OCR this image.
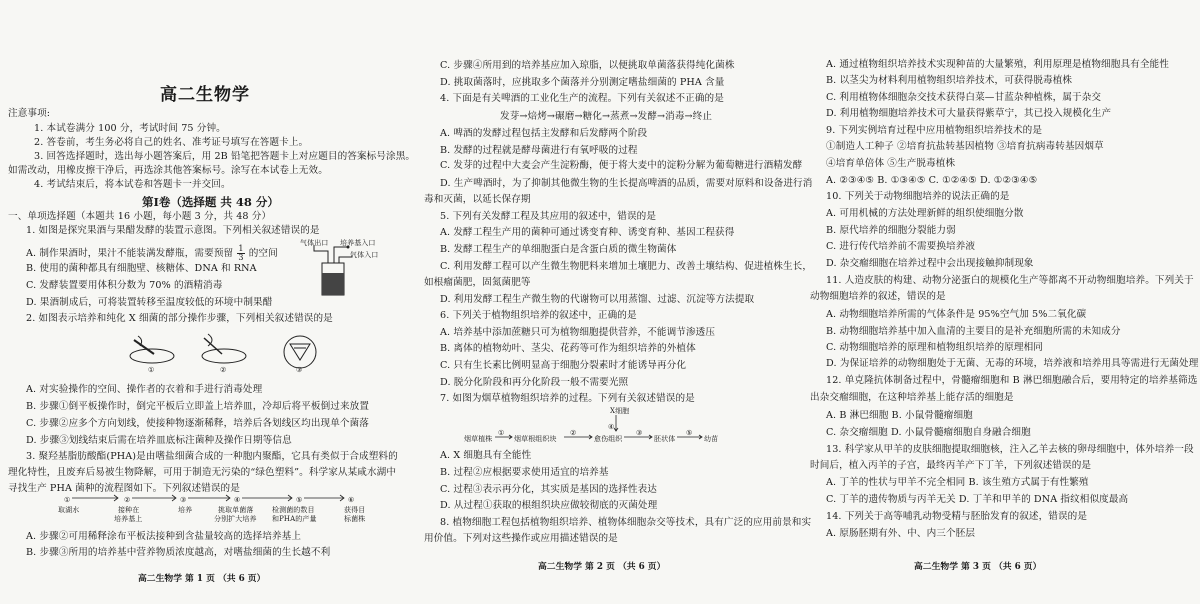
高二生物学
注意事项:
1. 本试卷满分 100 分，考试时间 75 分钟。
2. 答卷前，考生务必将自己的姓名、准考证号填写在答题卡上。
3. 回答选择题时，选出每小题答案后，用 2B 铅笔把答题卡上对应题目的答案标号涂黑。
如需改动，用橡皮擦干净后，再选涂其他答案标号。涂写在本试卷上无效。
4. 考试结束后，将本试卷和答题卡一并交回。
第Ⅰ卷（选择题 共 48 分）
一、单项选择题（本题共 16 小题，每小题 3 分，共 48 分）
1. 如图是探究果酒与果醋发酵的装置示意图。下列相关叙述错误的是
A. 制作果酒时，果汁不能装满发酵瓶，需要预留 $\frac{1}{3}$ 的空间
气体出口 培养基入口
气体入口
B. 使用的菌种都具有细胞壁、核糖体、DNA 和 RNA
C. 发酵装置要用体积分数为 70% 的酒精消毒
D. 果酒制成后，可将装置转移至温度较低的环境中制果醋
2. 如图表示培养和纯化 X 细菌的部分操作步骤，下列相关叙述错误的是
①	②	③
A. 对实验操作的空间、操作者的衣着和手进行消毒处理
B. 步骤①倒平板操作时，倒完平板后立即盖上培养皿，冷却后将平板倒过来放置
C. 步骤②应多个方向划线，使接种物逐渐稀释，培养后各划线区均出现单个菌落
D. 步骤③划线结束后需在培养皿底标注菌种及操作日期等信息
3. 聚羟基脂肪酸酯(PHA)是由嗜盐细菌合成的一种胞内聚酯，它具有类似于合成塑料的
理化特性，且废弃后易被生物降解，可用于制造无污染的“绿色塑料”。科学家从某咸水湖中
寻找生产 PHA 菌种的流程图如下。下列叙述错误的是
①
取湖水
②
接种在
培养基上
③
培养
④
挑取单菌落
分别扩大培养
⑤
检测菌的数目
和PHA的产量
⑥
获得目
标菌株
A. 步骤②可用稀释涂布平板法接种到含盐量较高的选择培养基上
B. 步骤③所用的培养基中营养物质浓度越高，对嗜盐细菌的生长越不利
高二生物学 第 1 页 （共 6 页）
C. 步骤④所用到的培养基应加入琼脂，以便挑取单菌落获得纯化菌株
D. 挑取菌落时，应挑取多个菌落并分别测定嗜盐细菌的 PHA 含量
4. 下面是有关啤酒的工业化生产的流程。下列有关叙述不正确的是
发芽→焙烤→碾磨→糖化→蒸煮→发酵→消毒→终止
A. 啤酒的发酵过程包括主发酵和后发酵两个阶段
B. 发酵的过程就是酵母菌进行有氧呼吸的过程
C. 发芽的过程中大麦会产生淀粉酶，便于将大麦中的淀粉分解为葡萄糖进行酒精发酵
D. 生产啤酒时，为了抑制其他微生物的生长提高啤酒的品质，需要对原料和设备进行消
毒和灭菌，以延长保存期
5. 下列有关发酵工程及其应用的叙述中，错误的是
A. 发酵工程生产用的菌种可通过诱变育种、诱变育种、基因工程获得
B. 发酵工程生产的单细胞蛋白是含蛋白质的微生物菌体
C. 利用发酵工程可以产生微生物肥料来增加土壤肥力、改善土壤结构、促进植株生长，
如根瘤菌肥，固氮菌肥等
D. 利用发酵工程生产微生物的代谢物可以用蒸馏、过滤、沉淀等方法提取
6. 下列关于植物组织培养的叙述中，正确的是
A. 培养基中添加蔗糖只可为植物细胞提供营养，不能调节渗透压
B. 离体的植物幼叶、茎尖、花药等可作为组织培养的外植体
C. 只有生长素比例明显高于细胞分裂素时才能诱导再分化
D. 脱分化阶段和再分化阶段一般不需要光照
7. 如图为烟草植物组织培养的过程。下列有关叙述错误的是
X细胞
④
烟草植株
①
烟草根组织块
②
愈伤组织
③
胚状体
⑤
幼苗
A. X 细胞具有全能性
B. 过程②应根据要求使用适宜的培养基
C. 过程③表示再分化，其实质是基因的选择性表达
D. 从过程①获取的根组织块应做较彻底的灭菌处理
8. 植物细胞工程包括植物组织培养、植物体细胞杂交等技术，具有广泛的应用前景和实
用价值。下列对这些操作或应用描述错误的是
高二生物学 第 2 页 （共 6 页）
A. 通过植物组织培养技术实现种苗的大量繁殖，利用原理是植物细胞具有全能性
B. 以茎尖为材料利用植物组织培养技术，可获得脱毒植株
C. 利用植物体细胞杂交技术获得白菜—甘蓝杂种植株，属于杂交
D. 利用植物细胞培养技术可大量获得紫草宁，其已投入规模化生产
9. 下列实例培育过程中应用植物组织培养技术的是
①制造人工种子 ②培育抗盐转基因植物 ③培育抗病毒转基因烟草
④培育单倍体 ⑤生产脱毒植株
A. ②③④⑤ B. ①③④⑤ C. ①②④⑤ D. ①②③④⑤
10. 下列关于动物细胞培养的说法正确的是
A. 可用机械的方法处理新鲜的组织使细胞分散
B. 原代培养的细胞分裂能力弱
C. 进行传代培养前不需要换培养液
D. 杂交瘤细胞在培养过程中会出现接触抑制现象
11. 人造皮肤的构建、动物分泌蛋白的规模化生产等都离不开动物细胞培养。下列关于
动物细胞培养的叙述，错误的是
A. 动物细胞培养所需的气体条件是 95%空气加 5%二氧化碳
B. 动物细胞培养基中加入血清的主要目的是补充细胞所需的未知成分
C. 动物细胞培养的原理和植物组织培养的原理相同
D. 为保证培养的动物细胞处于无菌、无毒的环境，培养液和培养用具等需进行无菌处理
12. 单克隆抗体制备过程中，骨髓瘤细胞和 B 淋巴细胞融合后，要用特定的培养基筛选
出杂交瘤细胞，在这种培养基上能存活的细胞是
A. B 淋巴细胞 B. 小鼠骨髓瘤细胞
C. 杂交瘤细胞 D. 小鼠骨髓瘤细胞自身融合细胞
13. 科学家从甲羊的皮肤细胞提取细胞核，注入乙羊去核的卵母细胞中，体外培养一段
时间后，植入丙羊的子宫，最终丙羊产下丁羊，下列叙述错误的是
A. 丁羊的性状与甲羊不完全相同 B. 该生殖方式属于有性繁殖
C. 丁羊的遗传物质与丙羊无关 D. 丁羊和甲羊的 DNA 指纹相似度最高
14. 下列关于高等哺乳动物受精与胚胎发育的叙述，错误的是
A. 原肠胚期有外、中、内三个胚层
高二生物学 第 3 页 （共 6 页）
